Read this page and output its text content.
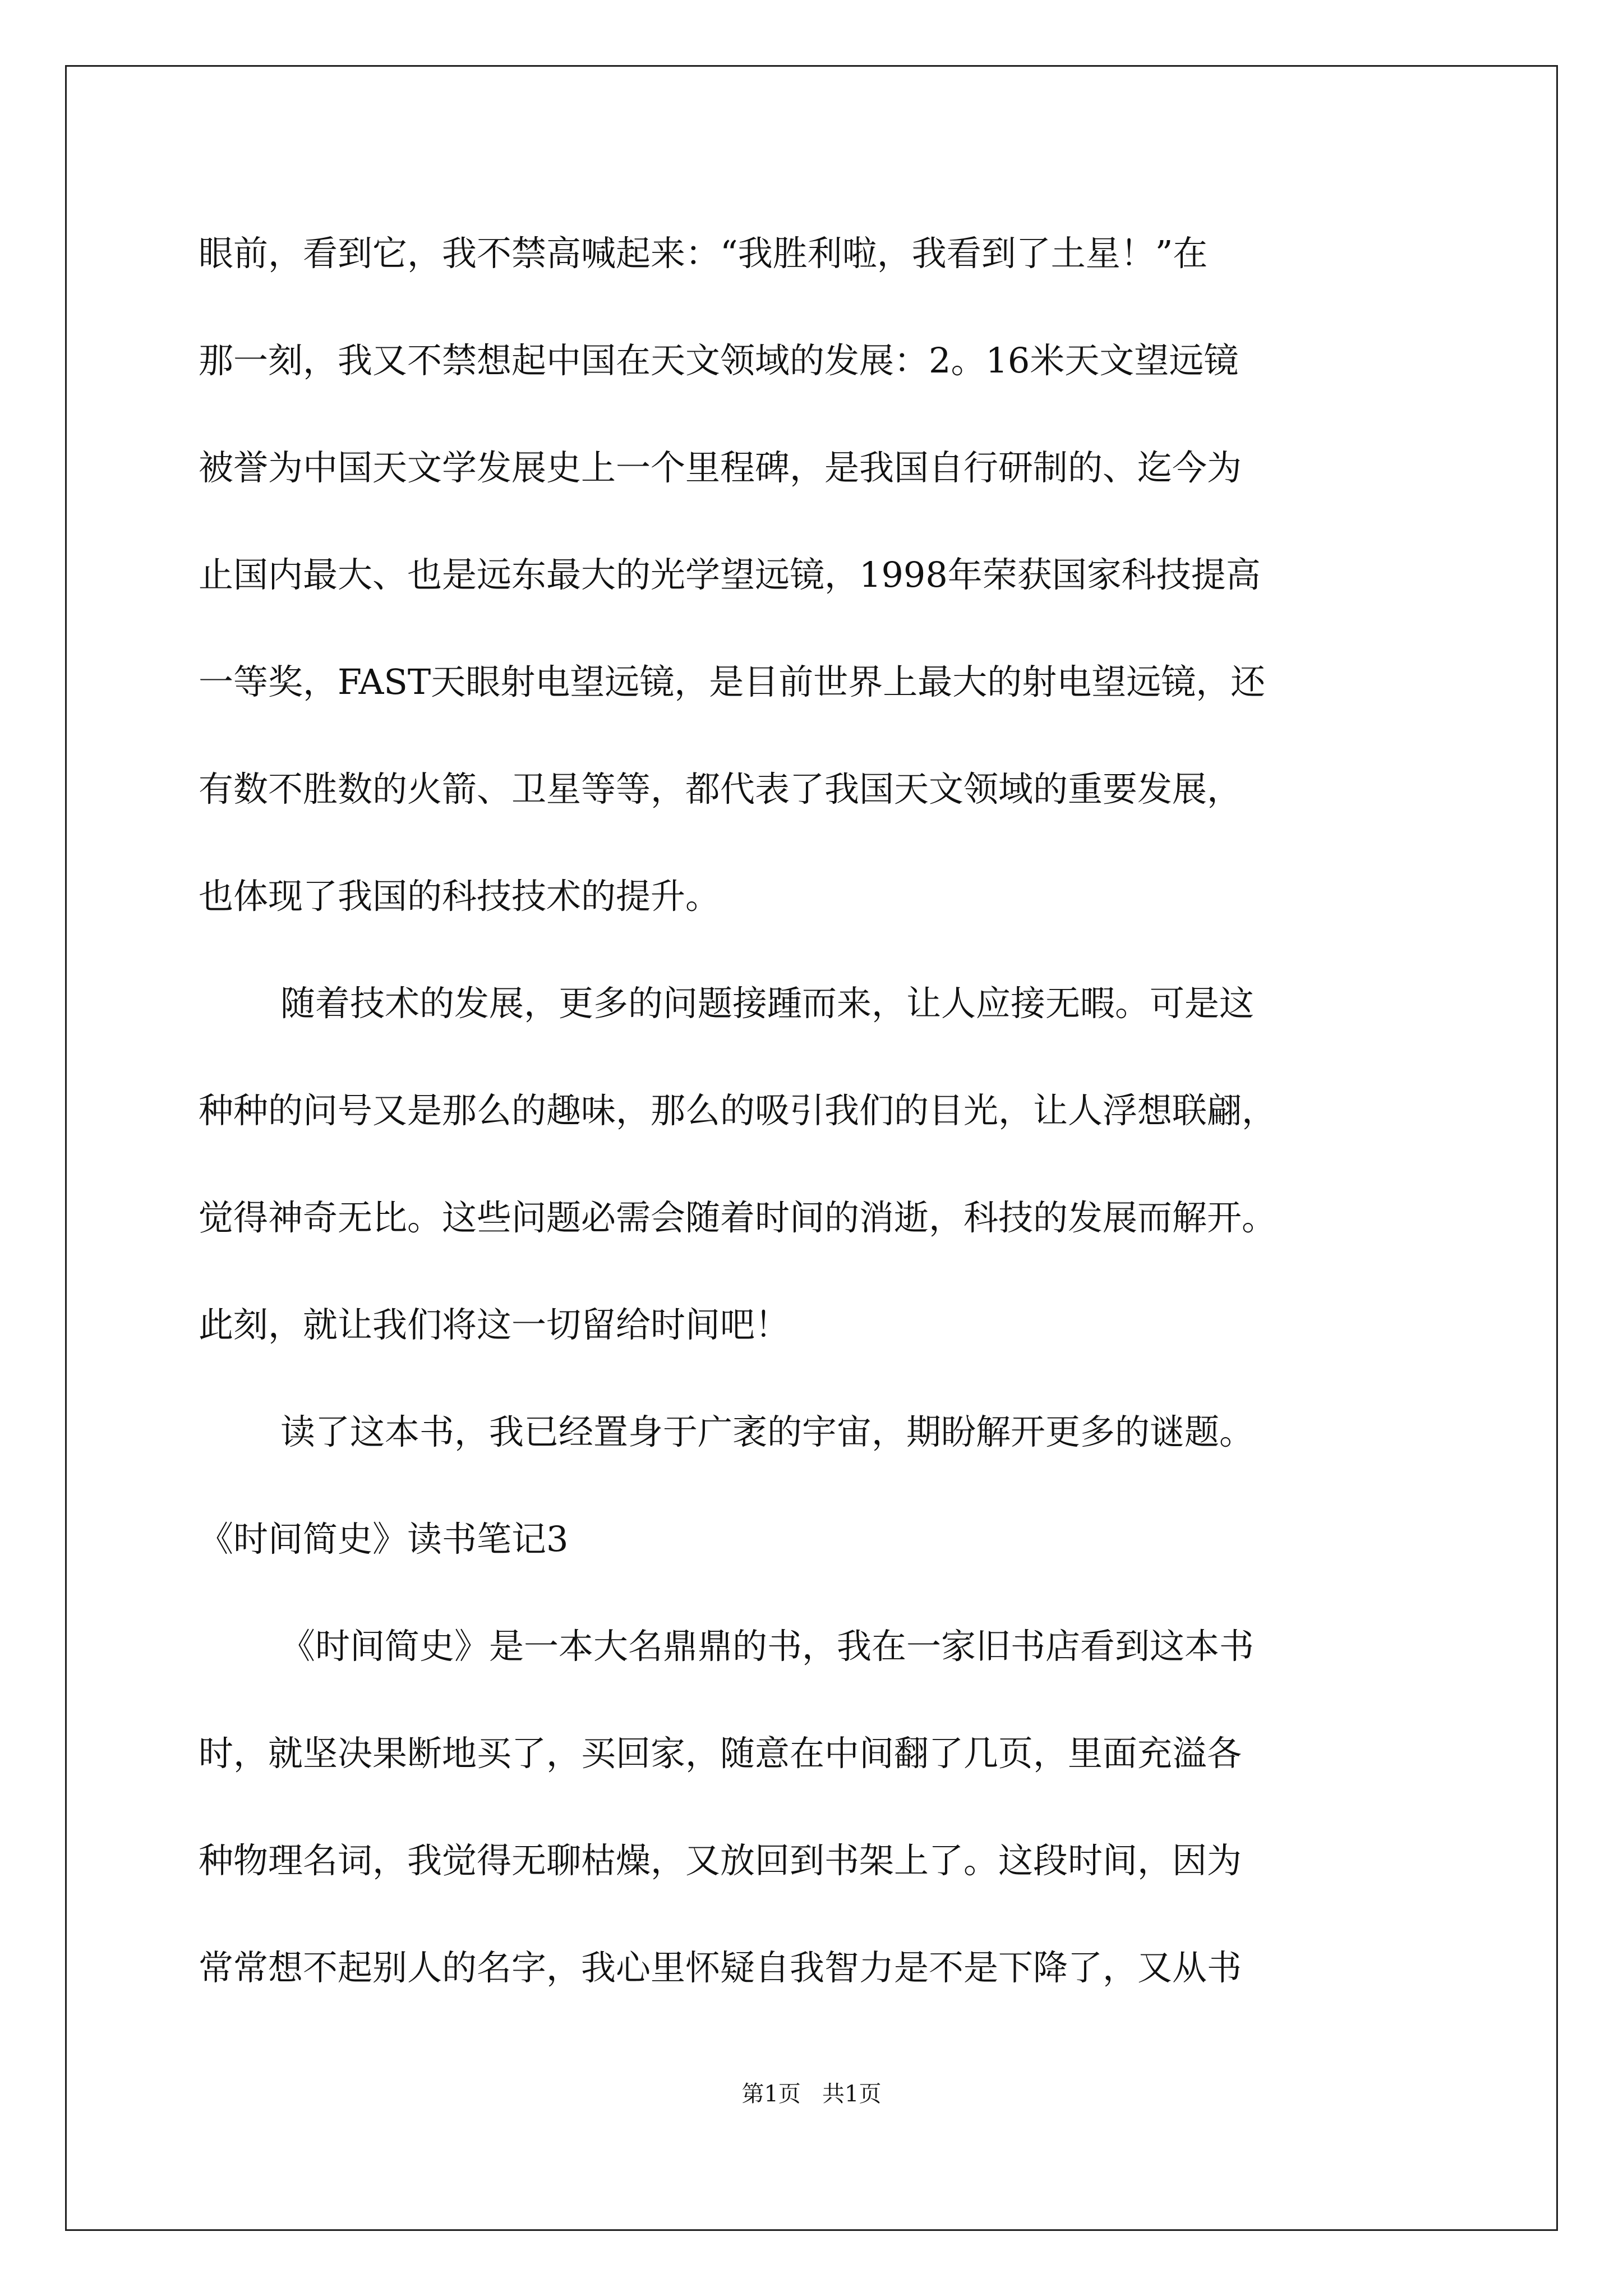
眼前，看到它，我不禁高喊起来：“我胜利啦，我看到了土星！”在
那一刻，我又不禁想起中国在天文领域的发展：2。16米天文望远镜
被誉为中国天文学发展史上一个里程碑，是我国自行研制的、迄今为
止国内最大、也是远东最大的光学望远镜，1998年荣获国家科技提高
一等奖，FAST天眼射电望远镜，是目前世界上最大的射电望远镜，还
有数不胜数的火箭、卫星等等，都代表了我国天文领域的重要发展，
也体现了我国的科技技术的提升。
随着技术的发展，更多的问题接踵而来，让人应接无暇。可是这
种种的问号又是那么的趣味，那么的吸引我们的目光，让人浮想联翩，
觉得神奇无比。这些问题必需会随着时间的消逝，科技的发展而解开。
此刻，就让我们将这一切留给时间吧！
读了这本书，我已经置身于广袤的宇宙，期盼解开更多的谜题。
《时间简史》读书笔记3
《时间简史》是一本大名鼎鼎的书，我在一家旧书店看到这本书
时，就坚决果断地买了，买回家，随意在中间翻了几页，里面充溢各
种物理名词，我觉得无聊枯燥，又放回到书架上了。这段时间，因为
常常想不起别人的名字，我心里怀疑自我智力是不是下降了，又从书
第1页   共1页
